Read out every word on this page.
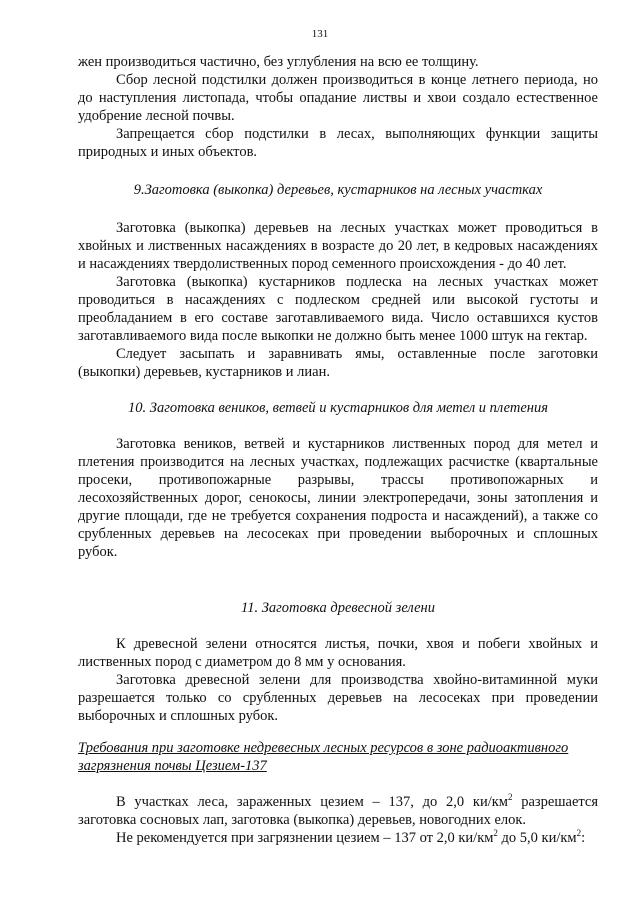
131

жен производиться частично, без углубления на всю ее толщину.

Сбор лесной подстилки должен производиться в конце летнего периода, но до наступления листопада, чтобы опадание листвы и хвои создало естественное удобрение лесной почвы.

Запрещается сбор подстилки в лесах, выполняющих функции защиты природных и иных объектов.

9.Заготовка (выкопка) деревьев, кустарников на лесных участках

Заготовка (выкопка) деревьев на лесных участках может проводиться в хвойных и лиственных насаждениях в возрасте до 20 лет, в кедровых насаждениях и насаждениях твердолиственных пород семенного происхождения - до 40 лет.

Заготовка (выкопка) кустарников подлеска на лесных участках может проводиться в насаждениях с подлеском средней или высокой густоты и преобладанием в его составе заготавливаемого вида. Число оставшихся кустов заготавливаемого вида после выкопки не должно быть менее 1000 штук на гектар.

Следует засыпать и заравнивать ямы, оставленные после заготовки (выкопки) деревьев, кустарников и лиан.

10. Заготовка веников, ветвей и кустарников для метел и плетения

Заготовка веников, ветвей и кустарников лиственных пород для метел и плетения производится на лесных участках, подлежащих расчистке (квартальные просеки, противопожарные разрывы, трассы противопожарных и лесохозяйственных дорог, сенокосы, линии электропередачи, зоны затопления и другие площади, где не требуется сохранения подроста и насаждений), а также со срубленных деревьев на лесосеках при проведении выборочных и сплошных рубок.

11. Заготовка древесной зелени

К древесной зелени относятся листья, почки, хвоя и побеги хвойных и лиственных пород с диаметром до 8 мм у основания.

Заготовка древесной зелени для производства хвойно-витаминной муки разрешается только со срубленных деревьев на лесосеках при проведении выборочных и сплошных рубок.

Требования при заготовке недревесных лесных ресурсов в зоне радиоактивного загрязнения почвы Цезием-137

В участках леса, зараженных цезием – 137, до 2,0 $ки/км^2$ разрешается заготовка сосновых лап, заготовка (выкопка) деревьев, новогодних елок.

Не рекомендуется при загрязнении цезием – 137 от 2,0 $ки/км^2$ до 5,0 $ки/км^2$:
